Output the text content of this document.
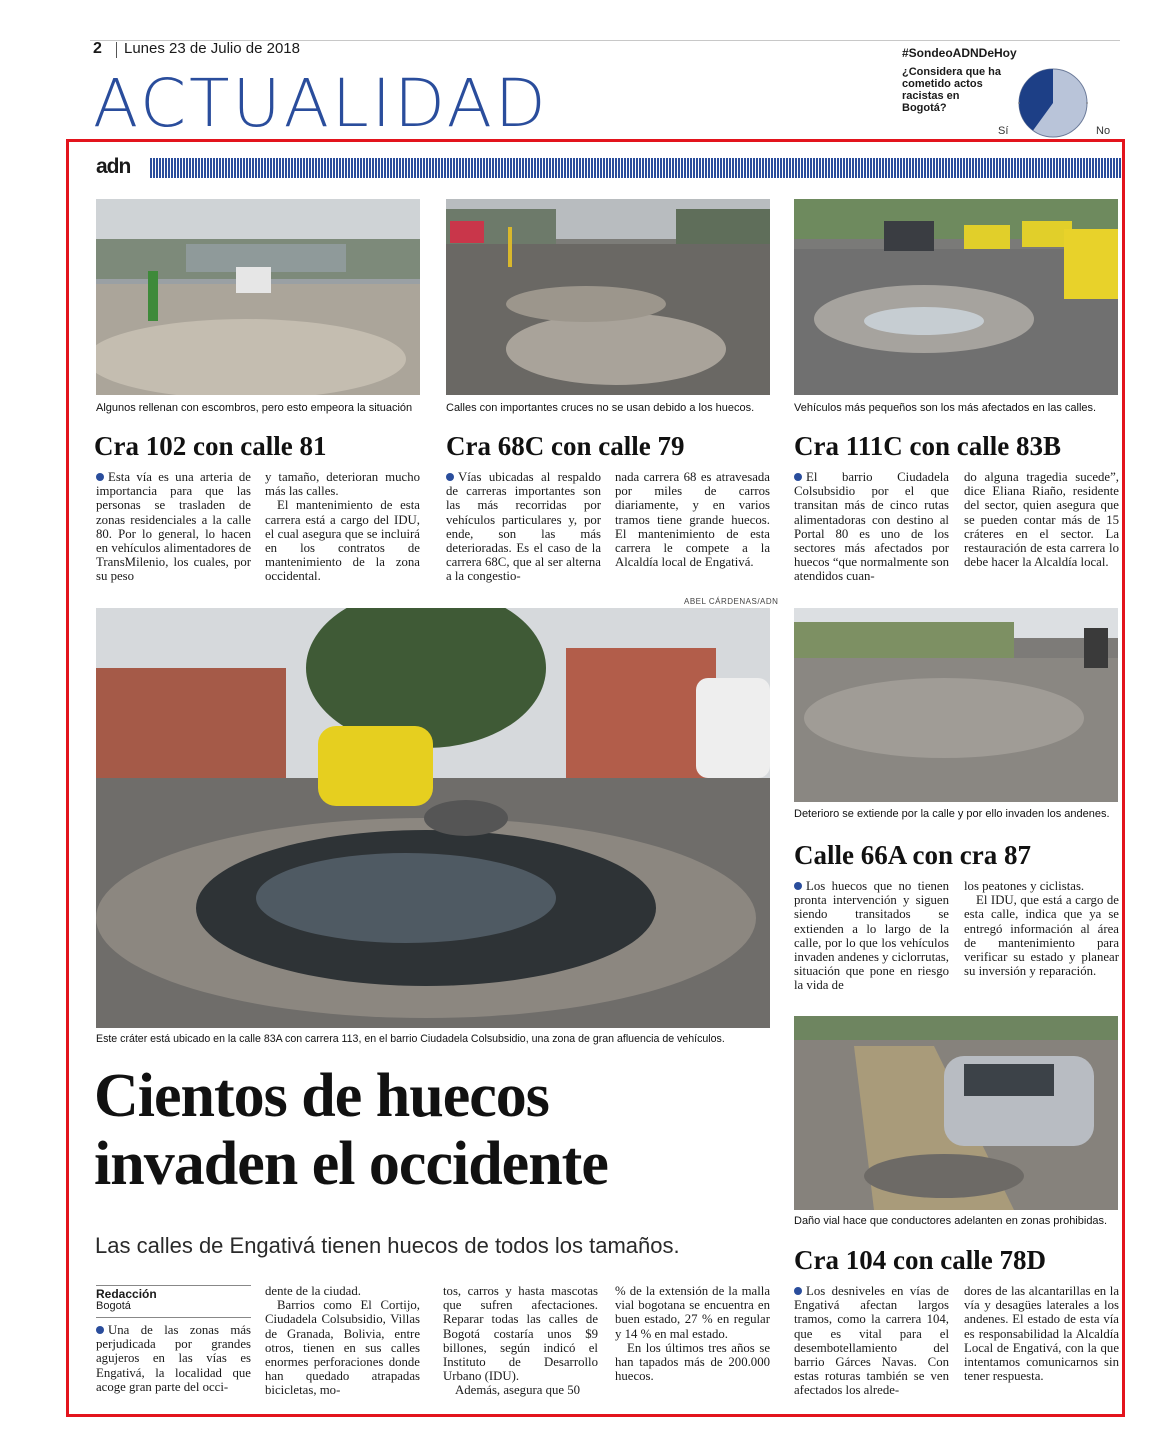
2 Lunes 23 de Julio de 2018
ACTUALIDAD
#SondeoADNDeHoy
¿Considera que ha cometido actos racistas en Bogotá?
Sí	No
adn
Algunos rellenan con escombros, pero esto empeora la situación	Calles con importantes cruces no se usan debido a los huecos.	Vehículos más pequeños son los más afectados en las calles.
Cra 102 con calle 81	Cra 68C con calle 79	Cra 111C con calle 83B

Esta vía es una arteria de importancia para que las personas se trasladen de zonas residenciales a la calle 80. Por lo general, lo hacen en vehículos alimentadores de TransMilenio, los cuales, por su peso

y tamaño, deterioran mucho más las calles.

El mantenimiento de esta carrera está a cargo del IDU, el cual asegura que se incluirá en los contratos de mantenimiento de la zona occidental.

Vías ubicadas al respaldo de carreras importantes son las más recorridas por vehículos particulares y, por ende, son las más deterioradas. Es el caso de la carrera 68C, que al ser alterna a la congestio-

nada carrera 68 es atravesada por miles de carros diariamente, y en varios tramos tiene grande huecos. El mantenimiento de esta carrera le compete a la Alcaldía local de Engativá.

El barrio Ciudadela Colsubsidio por el que transitan más de cinco rutas alimentadoras con destino al Portal 80 es uno de los sectores más afectados por huecos “que normalmente son atendidos cuan-

do alguna tragedia sucede”, dice Eliana Riaño, residente del sector, quien asegura que se pueden contar más de 15 cráteres en el sector. La restauración de esta carrera lo debe hacer la Alcaldía local.

ABEL CÁRDENAS/ADN
Este cráter está ubicado en la calle 83A con carrera 113, en el barrio Ciudadela Colsubsidio, una zona de gran afluencia de vehículos.
Deterioro se extiende por la calle y por ello invaden los andenes.
Calle 66A con cra 87

Los huecos que no tienen pronta intervención y siguen siendo transitados se extienden a lo largo de la calle, por lo que los vehículos invaden andenes y ciclorrutas, situación que pone en riesgo la vida de

los peatones y ciclistas.

El IDU, que está a cargo de esta calle, indica que ya se entregó información al área de mantenimiento para verificar su estado y planear su inversión y reparación.

Daño vial hace que conductores adelanten en zonas prohibidas.
Cra 104 con calle 78D

Los desniveles en vías de Engativá afectan largos tramos, como la carrera 104, que es vital para el desembotellamiento del barrio Gárces Navas. Con estas roturas también se ven afectados los alrede-

dores de las alcantarillas en la vía y desagües laterales a los andenes. El estado de esta vía es responsabilidad la Alcaldía Local de Engativá, con la que intentamos comunicarnos sin tener respuesta.

Cientos de huecos
invaden el occidente
Las calles de Engativá tienen huecos de todos los tamaños.
Redacción
Bogotá

Una de las zonas más perjudicada por grandes agujeros en las vías es Engativá, la localidad que acoge gran parte del occi-

dente de la ciudad.

Barrios como El Cortijo, Ciudadela Colsubsidio, Villas de Granada, Bolivia, entre otros, tienen en sus calles enormes perforaciones donde han quedado atrapadas bicicletas, mo-

tos, carros y hasta mascotas que sufren afectaciones. Reparar todas las calles de Bogotá costaría unos $9 billones, según indicó el Instituto de Desarrollo Urbano (IDU).

Además, asegura que 50

% de la extensión de la malla vial bogotana se encuentra en buen estado, 27 % en regular y 14 % en mal estado.

En los últimos tres años se han tapados más de 200.000 huecos.
